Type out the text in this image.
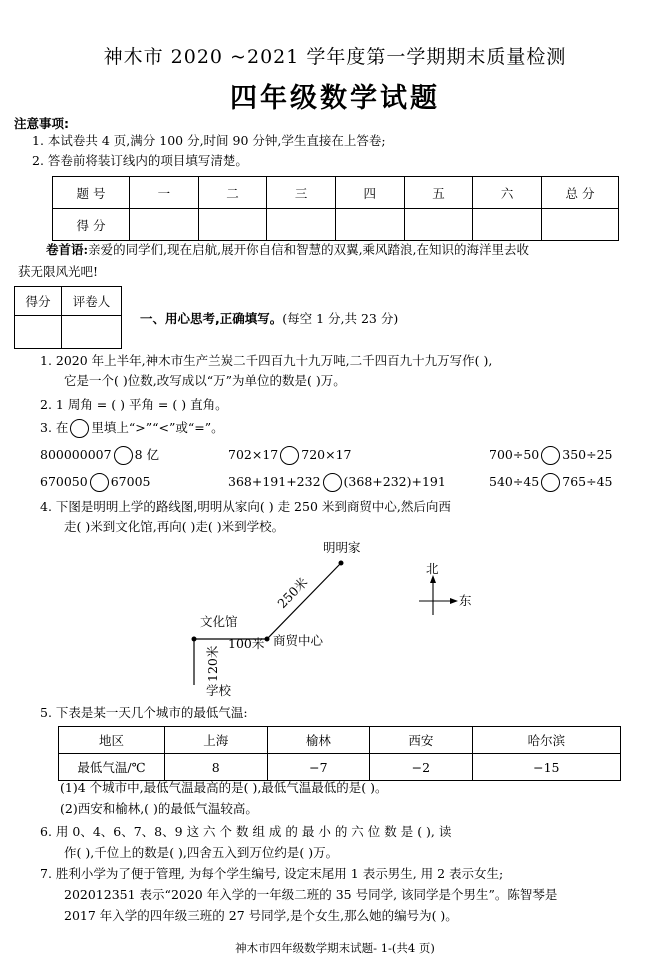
神木市 2020 ~2021 学年度第一学期期末质量检测
四年级数学试题
注意事项:
1. 本试卷共 4 页,满分 100 分,时间 90 分钟,学生直接在上答卷;
2. 答卷前将装订线内的项目填写清楚。
题 号	一	二	三	四	五	六	总 分
得 分							
卷首语:亲爱的同学们,现在启航,展开你自信和智慧的双翼,乘风踏浪,在知识的海洋里去收
获无限风光吧!
得分	评卷人

一、用心思考,正确填写。(每空 1 分,共 23 分)
1. 2020 年上半年,神木市生产兰炭二千四百九十九万吨,二千四百九十九万写作( ),
它是一个( )位数,改写成以“万”为单位的数是( )万。
2. 1 周角 = ( ) 平角 = ( ) 直角。
3. 在 里填上“>”“<”或“=”。
800000007 8 亿	702×17 720×17	700÷50 350÷25
670050 67005	368+191+232 (368+232)+191	540÷45 765÷45
4. 下图是明明上学的路线图,明明从家向( ) 走 250 米到商贸中心,然后向西
走( )米到文化馆,再向( )走( )米到学校。
明明家
250米
文化馆
100米 商贸中心
120米
学校
北
东
5. 下表是某一天几个城市的最低气温:
地区	上海	榆林	西安	哈尔滨
最低气温/℃	8	−7	−2	−15
(1)4 个城市中,最低气温最高的是( ),最低气温最低的是( )。
(2)西安和榆林,( )的最低气温较高。
6. 用 0、4、6、7、8、9 这 六 个 数 组 成 的 最 小 的 六 位 数 是 ( ), 读
作( ),千位上的数是( ),四舍五入到万位约是( )万。
7. 胜利小学为了便于管理, 为每个学生编号, 设定末尾用 1 表示男生, 用 2 表示女生;
202012351 表示“2020 年入学的一年级二班的 35 号同学, 该同学是个男生”。陈智琴是
2017 年入学的四年级三班的 27 号同学,是个女生,那么她的编号为( )。
神木市四年级数学期末试题- 1-(共4 页)
